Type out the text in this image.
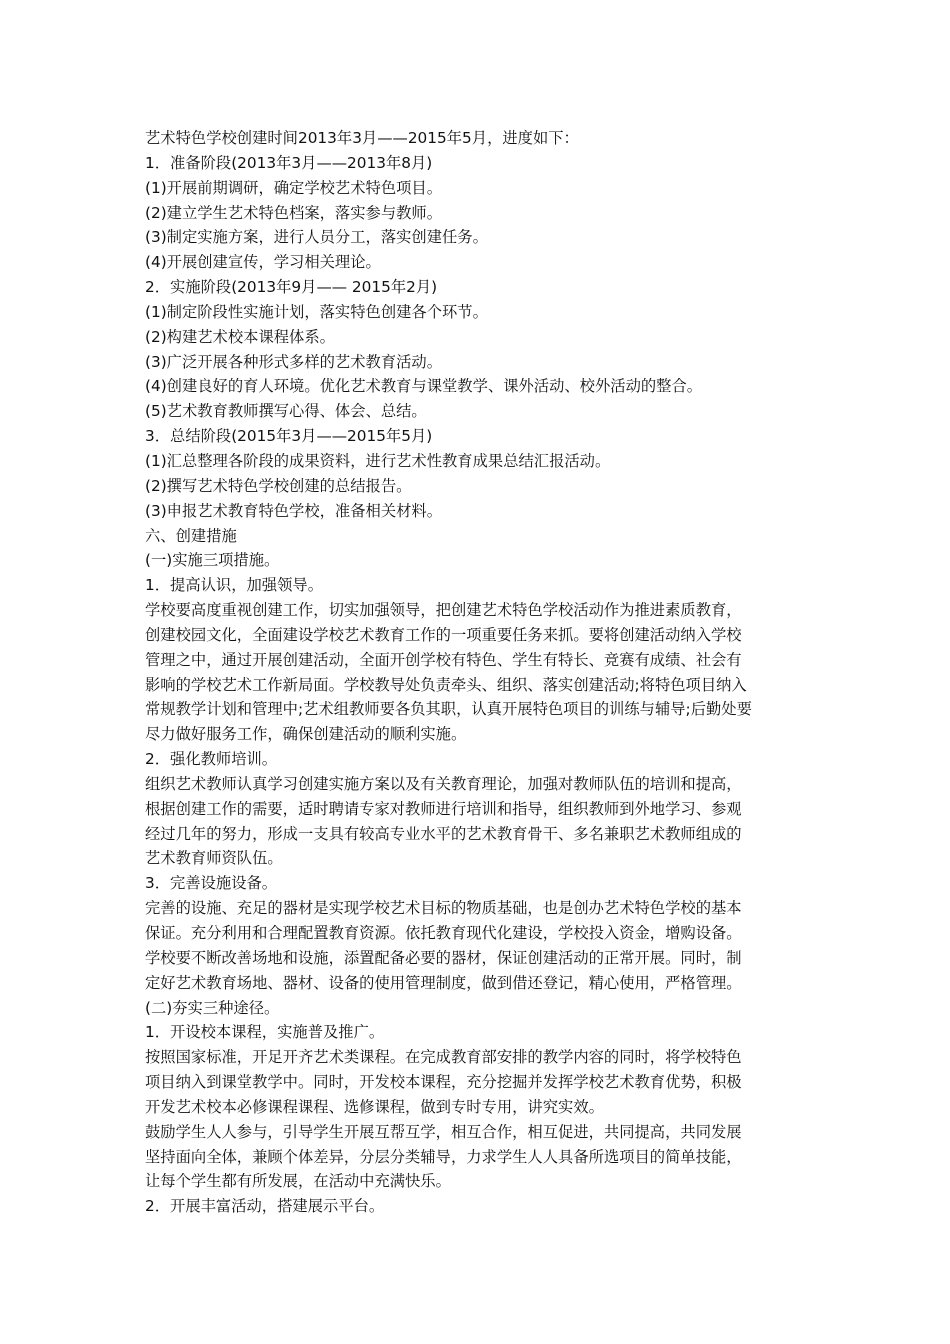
艺术特色学校创建时间2013年3月——2015年5月，进度如下：

1．准备阶段(2013年3月——2013年8月)

(1)开展前期调研，确定学校艺术特色项目。

(2)建立学生艺术特色档案，落实参与教师。

(3)制定实施方案，进行人员分工，落实创建任务。

(4)开展创建宣传，学习相关理论。

2．实施阶段(2013年9月—— 2015年2月)

(1)制定阶段性实施计划，落实特色创建各个环节。

(2)构建艺术校本课程体系。

(3)广泛开展各种形式多样的艺术教育活动。

(4)创建良好的育人环境。优化艺术教育与课堂教学、课外活动、校外活动的整合。

(5)艺术教育教师撰写心得、体会、总结。

3．总结阶段(2015年3月——2015年5月)

(1)汇总整理各阶段的成果资料，进行艺术性教育成果总结汇报活动。

(2)撰写艺术特色学校创建的总结报告。

(3)申报艺术教育特色学校，准备相关材料。

六、创建措施

(一)实施三项措施。

1．提高认识，加强领导。

学校要高度重视创建工作，切实加强领导，把创建艺术特色学校活动作为推进素质教育，

创建校园文化，全面建设学校艺术教育工作的一项重要任务来抓。要将创建活动纳入学校

管理之中，通过开展创建活动，全面开创学校有特色、学生有特长、竞赛有成绩、社会有

影响的学校艺术工作新局面。学校教导处负责牵头、组织、落实创建活动;将特色项目纳入

常规教学计划和管理中;艺术组教师要各负其职，认真开展特色项目的训练与辅导;后勤处要

尽力做好服务工作，确保创建活动的顺利实施。

2．强化教师培训。

组织艺术教师认真学习创建实施方案以及有关教育理论，加强对教师队伍的培训和提高，

根据创建工作的需要，适时聘请专家对教师进行培训和指导，组织教师到外地学习、参观

经过几年的努力，形成一支具有较高专业水平的艺术教育骨干、多名兼职艺术教师组成的

艺术教育师资队伍。

3．完善设施设备。

完善的设施、充足的器材是实现学校艺术目标的物质基础，也是创办艺术特色学校的基本

保证。充分利用和合理配置教育资源。依托教育现代化建设，学校投入资金，增购设备。

学校要不断改善场地和设施，添置配备必要的器材，保证创建活动的正常开展。同时，制

定好艺术教育场地、器材、设备的使用管理制度，做到借还登记，精心使用，严格管理。

(二)夯实三种途径。

1．开设校本课程，实施普及推广。

按照国家标准，开足开齐艺术类课程。在完成教育部安排的教学内容的同时，将学校特色

项目纳入到课堂教学中。同时，开发校本课程，充分挖掘并发挥学校艺术教育优势，积极

开发艺术校本必修课程课程、选修课程，做到专时专用，讲究实效。

鼓励学生人人参与，引导学生开展互帮互学，相互合作，相互促进，共同提高，共同发展

坚持面向全体，兼顾个体差异，分层分类辅导，力求学生人人具备所选项目的简单技能，

让每个学生都有所发展，在活动中充满快乐。

2．开展丰富活动，搭建展示平台。
